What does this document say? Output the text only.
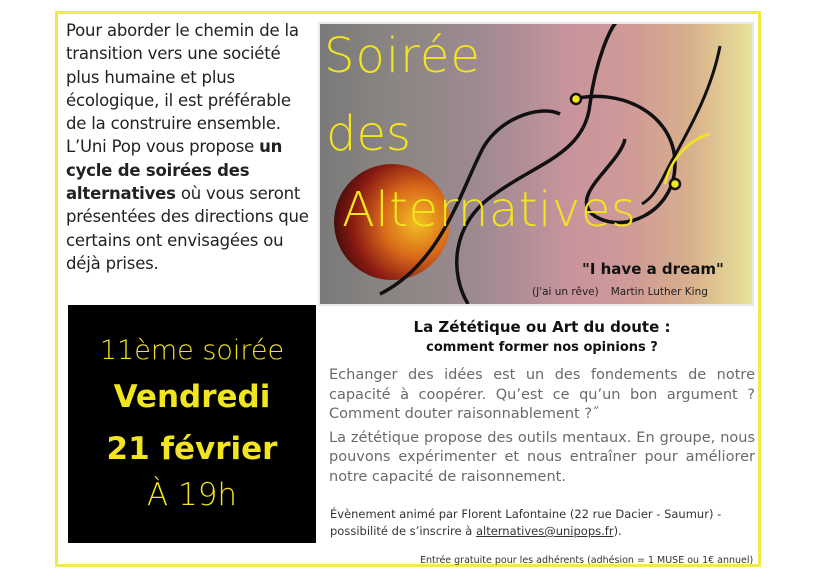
Pour aborder le chemin de la transition vers une société plus humaine et plus écologique, il est préférable de la construire ensemble. L’Uni Pop vous propose un cycle de soirées des alternatives où vous seront présentées des directions que certains ont envisagées ou déjà prises.
Soirée
des
Alternatives
"I have a dream"
(J'ai un rêve) Martin Luther King
11ème soirée
Vendredi
21 février
À 19h
La Zététique ou Art du doute :
comment former nos opinions ?

Echanger des idées est un des fondements de notre capacité à coopérer. Qu’est ce qu’un bon argument ? Comment douter raisonnablement ?˝

La zététique propose des outils mentaux. En groupe, nous pouvons expérimenter et nous entraîner pour améliorer notre capacité de raisonnement.

Évènement animé par Florent Lafontaine (22 rue Dacier - Saumur) - possibilité de s’inscrire à alternatives@unipops.fr).
Entrée gratuite pour les adhérents (adhésion = 1 MUSE ou 1€ annuel)
